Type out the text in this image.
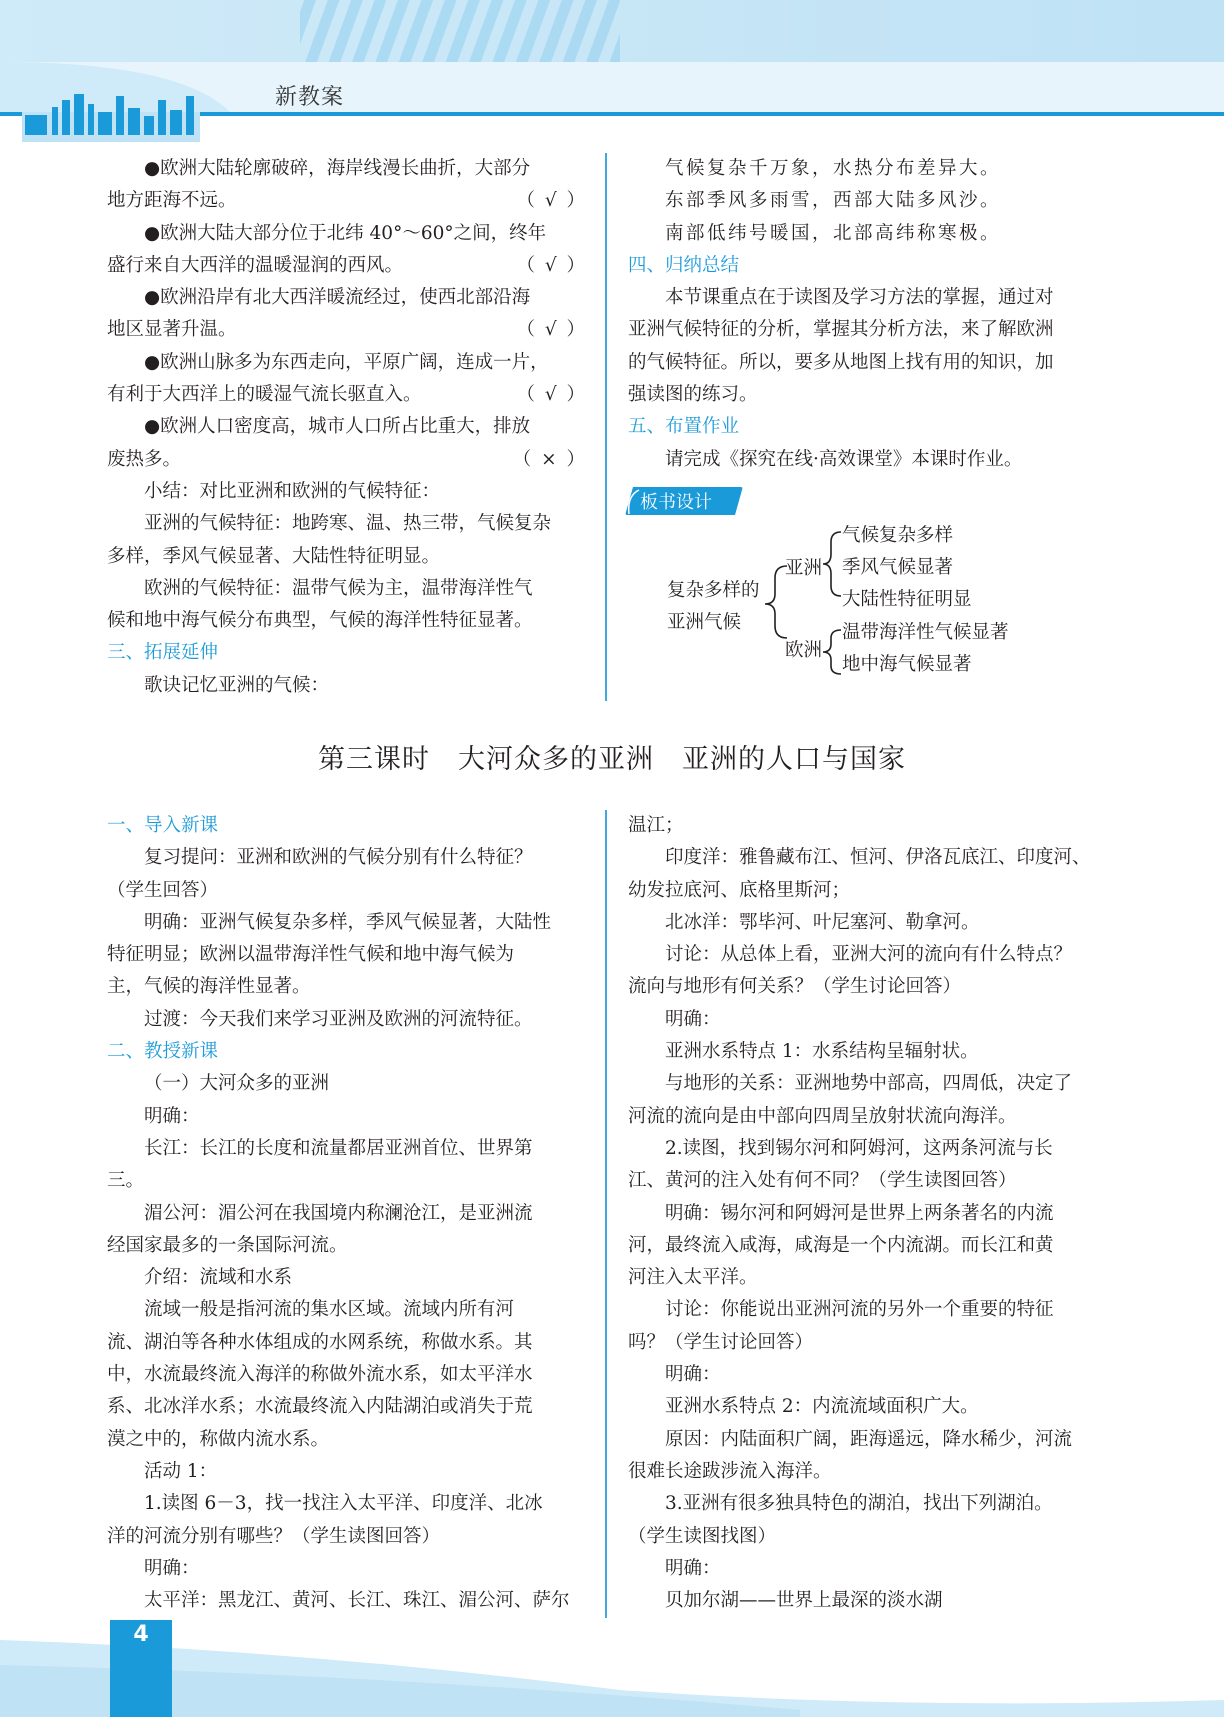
新教案

●欧洲大陆轮廓破碎，海岸线漫长曲折，大部分

地方距海不远。	（ √ ）

●欧洲大陆大部分位于北纬 40°～60°之间，终年

盛行来自大西洋的温暖湿润的西风。	（ √ ）

●欧洲沿岸有北大西洋暖流经过，使西北部沿海

地区显著升温。	（ √ ）

●欧洲山脉多为东西走向，平原广阔，连成一片，

有利于大西洋上的暖湿气流长驱直入。	（ √ ）

●欧洲人口密度高，城市人口所占比重大，排放

废热多。	（ × ）

小结：对比亚洲和欧洲的气候特征：

亚洲的气候特征：地跨寒、温、热三带，气候复杂

多样，季风气候显著、大陆性特征明显。

欧洲的气候特征：温带气候为主，温带海洋性气

候和地中海气候分布典型，气候的海洋性特征显著。

三、拓展延伸

歌诀记忆亚洲的气候：

气候复杂千万象，水热分布差异大。

东部季风多雨雪，西部大陆多风沙。

南部低纬号暖国，北部高纬称寒极。

四、归纳总结

本节课重点在于读图及学习方法的掌握，通过对

亚洲气候特征的分析，掌握其分析方法，来了解欧洲

的气候特征。所以，要多从地图上找有用的知识，加

强读图的练习。

五、布置作业

请完成《探究在线·高效课堂》本课时作业。

板书设计
复杂多样的
亚洲气候
亚洲
气候复杂多样
季风气候显著
大陆性特征明显
欧洲
温带海洋性气候显著
地中海气候显著
第三课时　大河众多的亚洲　亚洲的人口与国家
一、导入新课

复习提问：亚洲和欧洲的气候分别有什么特征？

（学生回答）

明确：亚洲气候复杂多样，季风气候显著，大陆性

特征明显；欧洲以温带海洋性气候和地中海气候为

主，气候的海洋性显著。

过渡：今天我们来学习亚洲及欧洲的河流特征。

二、教授新课

（一）大河众多的亚洲

明确：

长江：长江的长度和流量都居亚洲首位、世界第

三。

湄公河：湄公河在我国境内称澜沧江，是亚洲流

经国家最多的一条国际河流。

介绍：流域和水系

流域一般是指河流的集水区域。流域内所有河

流、湖泊等各种水体组成的水网系统，称做水系。其

中，水流最终流入海洋的称做外流水系，如太平洋水

系、北冰洋水系；水流最终流入内陆湖泊或消失于荒

漠之中的，称做内流水系。

活动 1：

1.读图 6－3，找一找注入太平洋、印度洋、北冰

洋的河流分别有哪些？（学生读图回答）

明确：

太平洋：黑龙江、黄河、长江、珠江、湄公河、萨尔

温江；

印度洋：雅鲁藏布江、恒河、伊洛瓦底江、印度河、

幼发拉底河、底格里斯河；

北冰洋：鄂毕河、叶尼塞河、勒拿河。

讨论：从总体上看，亚洲大河的流向有什么特点？

流向与地形有何关系？（学生讨论回答）

明确：

亚洲水系特点 1：水系结构呈辐射状。

与地形的关系：亚洲地势中部高，四周低，决定了

河流的流向是由中部向四周呈放射状流向海洋。

2.读图，找到锡尔河和阿姆河，这两条河流与长

江、黄河的注入处有何不同？（学生读图回答）

明确：锡尔河和阿姆河是世界上两条著名的内流

河，最终流入咸海，咸海是一个内流湖。而长江和黄

河注入太平洋。

讨论：你能说出亚洲河流的另外一个重要的特征

吗？（学生讨论回答）

明确：

亚洲水系特点 2：内流流域面积广大。

原因：内陆面积广阔，距海遥远，降水稀少，河流

很难长途跋涉流入海洋。

3.亚洲有很多独具特色的湖泊，找出下列湖泊。

（学生读图找图）

明确：

贝加尔湖——世界上最深的淡水湖

4
